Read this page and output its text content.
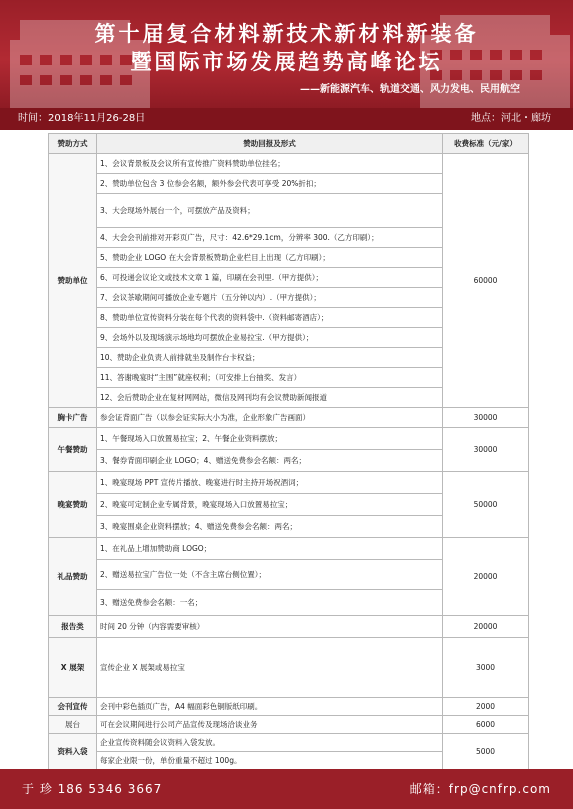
第十届复合材料新技术新材料新装备
暨国际市场发展趋势高峰论坛
——新能源汽车、轨道交通、风力发电、民用航空
时间：2018年11月26-28日	地点：河北・廊坊
赞助方式	赞助回报及形式	收费标准（元/家）
赞助单位	1、会议背景板及会议所有宣传推广资料赞助单位挂名；	60000
	2、赞助单位包含 3 位参会名额，额外参会代表可享受 20%折扣；	
	3、大会现场外展台一个，可摆放产品及资料；	
	4、大会会刊前排对开彩页广告，尺寸：42.6*29.1cm，分辨率 300.（乙方印刷）；	
	5、赞助企业 LOGO 在大会背景板赞助企业栏目上出现（乙方印刷）；	
	6、可投递会议论文或技术文章 1 篇，印刷在会刊里.（甲方提供）；	
	7、会议茶歇期间可播放企业专题片（五分钟以内）.（甲方提供）；	
	8、赞助单位宣传资料分装在每个代表的资料袋中.（资料邮寄酒店）；	
	9、会场外以及现场演示场地均可摆放企业易拉宝.（甲方提供）；	
	10、赞助企业负责人前排就坐及制作台卡权益；	
	11、答谢晚宴时“主围”就座权利；（可安排上台抽奖、发言）	
	12、会后赞助企业在复材网网站，微信及网刊均有会议赞助新闻报道	
胸卡广告	参会证背面广告（以参会证实际大小为准，企业形象广告画面）	30000
午餐赞助	1、午餐现场入口放置易拉宝；2、午餐企业资料摆放；	30000
	3、餐券背面印刷企业 LOGO；4、赠送免费参会名额：两名；	
晚宴赞助	1、晚宴现场 PPT 宣传片播放、晚宴进行时主持开场祝酒词；	50000
	2、晚宴可定制企业专属背景，晚宴现场入口放置易拉宝；	
	3、晚宴围桌企业资料摆放；4、赠送免费参会名额：两名；	
礼品赞助	1、在礼品上增加赞助商 LOGO；	20000
	2、赠送易拉宝广告位一处（不含主席台侧位置）；	
	3、赠送免费参会名额：一名；	
报告类	时间 20 分钟（内容需要审核）	20000
X 展架	宣传企业 X 展架或易拉宝	3000
会刊宣传	会刊中彩色插页广告，A4 幅面彩色铜版纸印刷。	2000
展台	可在会议期间进行公司产品宣传及现场洽谈业务	6000
资料入袋	企业宣传资料随会议资料入袋发放。	5000
	每家企业限一份，单份重量不超过 100g。	
于 珍 186 5346 3667	邮箱：frp@cnfrp.com
